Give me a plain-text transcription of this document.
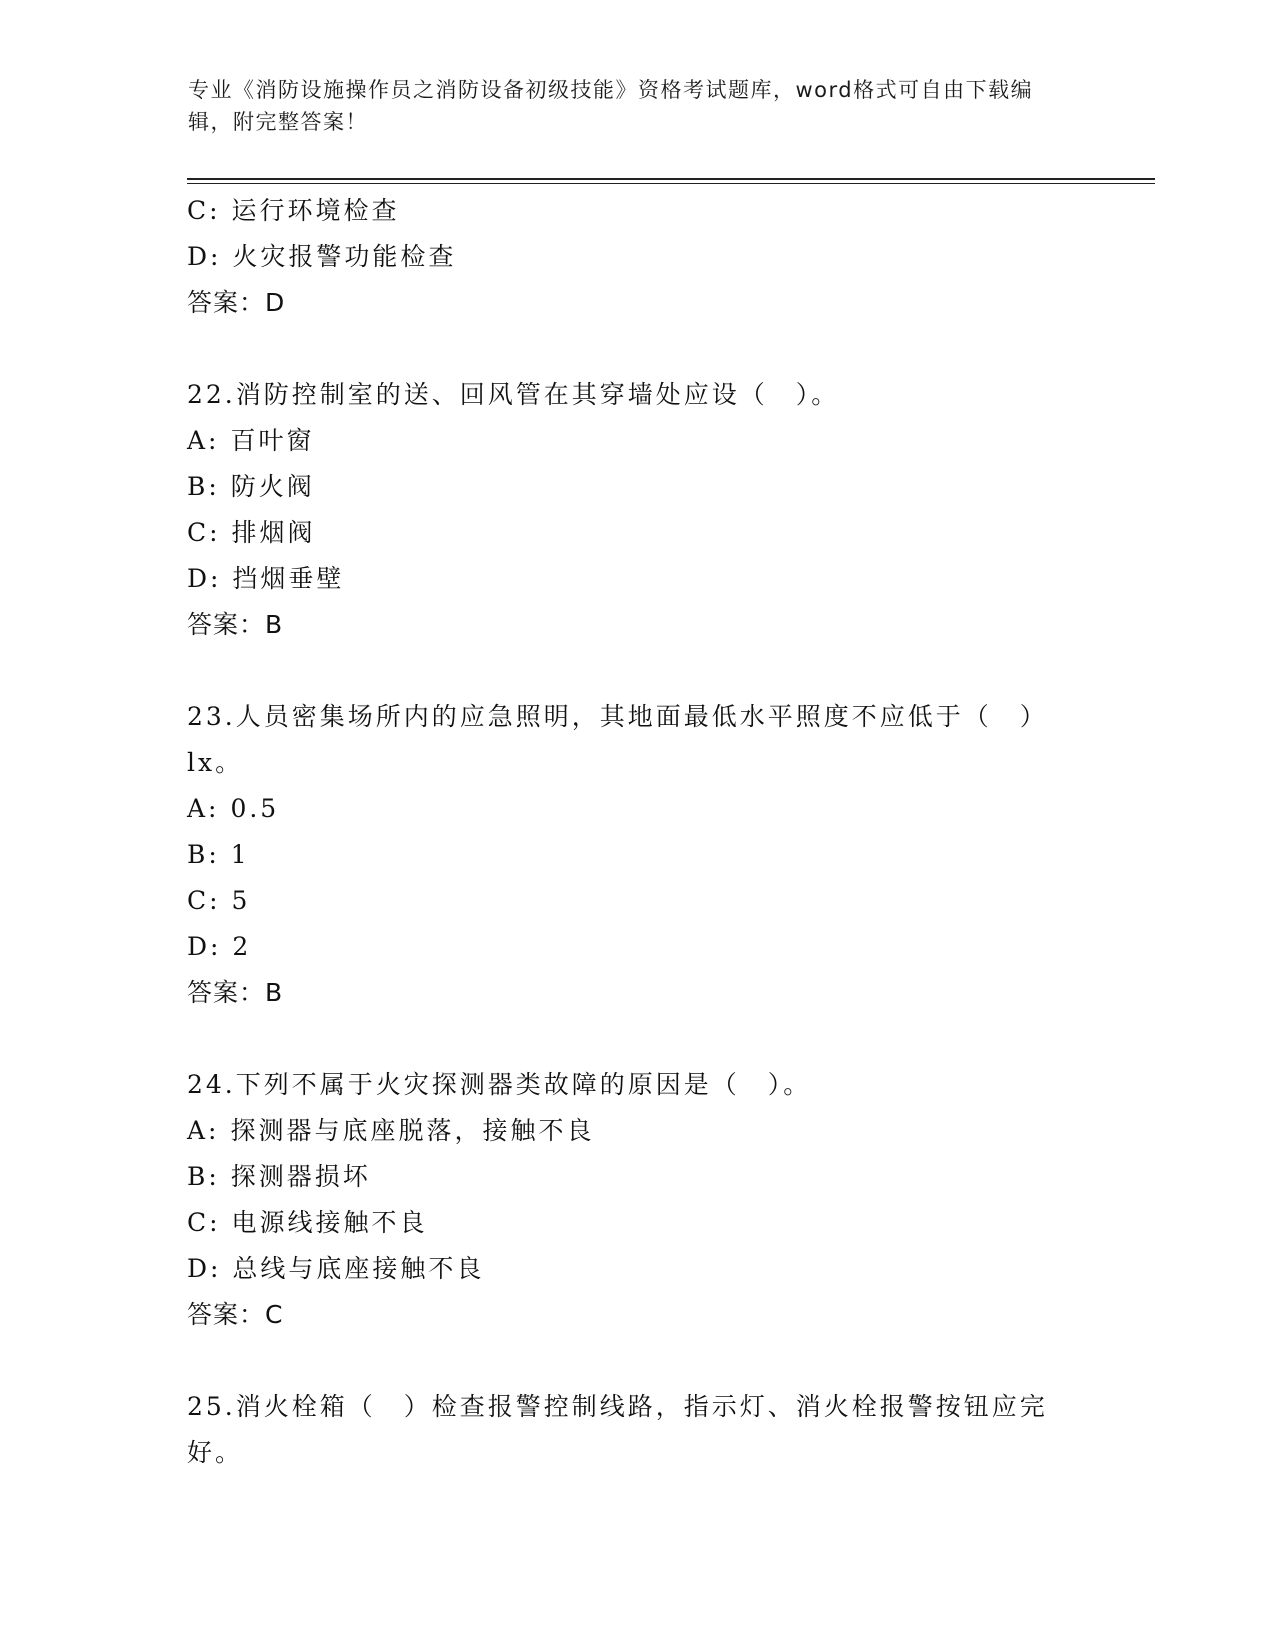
专业《消防设施操作员之消防设备初级技能》资格考试题库，word格式可自由下载编辑，附完整答案！
C: 运行环境检查
D: 火灾报警功能检查
答案：D
22.消防控制室的送、回风管在其穿墙处应设（　）。
A: 百叶窗
B: 防火阀
C: 排烟阀
D: 挡烟垂壁
答案：B
23.人员密集场所内的应急照明，其地面最低水平照度不应低于（　）lx。
A: 0.5
B: 1
C: 5
D: 2
答案：B
24.下列不属于火灾探测器类故障的原因是（　）。
A: 探测器与底座脱落，接触不良
B: 探测器损坏
C: 电源线接触不良
D: 总线与底座接触不良
答案：C
25.消火栓箱（　）检查报警控制线路，指示灯、消火栓报警按钮应完好。
